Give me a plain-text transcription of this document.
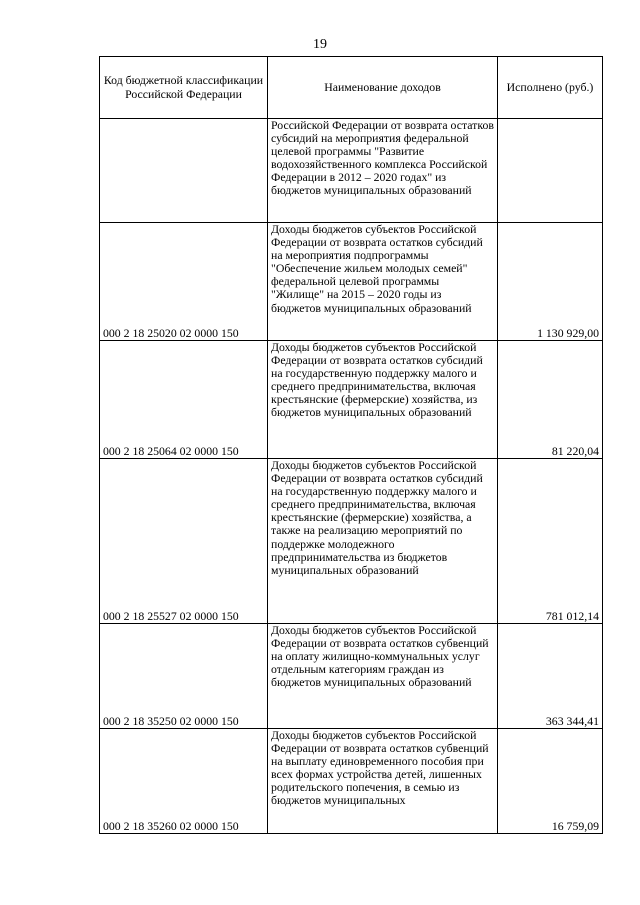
19
Код бюджетной классификации Российской Федерации	Наименование доходов	Исполнено (руб.)
	Российской Федерации от возврата остатков субсидий на мероприятия федеральной целевой программы "Развитие водохозяйственного комплекса Российской Федерации в 2012 – 2020 годах" из бюджетов муниципальных образований	
000 2 18 25020 02 0000 150	Доходы бюджетов субъектов Российской Федерации от возврата остатков субсидий на мероприятия подпрограммы "Обеспечение жильем молодых семей" федеральной целевой программы "Жилище" на 2015 – 2020 годы из бюджетов муниципальных образований	1 130 929,00
000 2 18 25064 02 0000 150	Доходы бюджетов субъектов Российской Федерации от возврата остатков субсидий на государственную поддержку малого и среднего предпринимательства, включая крестьянские (фермерские) хозяйства, из бюджетов муниципальных образований	81 220,04
000 2 18 25527 02 0000 150	Доходы бюджетов субъектов Российской Федерации от возврата остатков субсидий на государственную поддержку малого и среднего предпринимательства, включая крестьянские (фермерские) хозяйства, а также на реализацию мероприятий по поддержке молодежного предпринимательства из бюджетов муниципальных образований	781 012,14
000 2 18 35250 02 0000 150	Доходы бюджетов субъектов Российской Федерации от возврата остатков субвенций на оплату жилищно-коммунальных услуг отдельным категориям граждан из бюджетов муниципальных образований	363 344,41
000 2 18 35260 02 0000 150	Доходы бюджетов субъектов Российской Федерации от возврата остатков субвенций на выплату единовременного пособия при всех формах устройства детей, лишенных родительского попечения, в семью из бюджетов муниципальных	16 759,09
